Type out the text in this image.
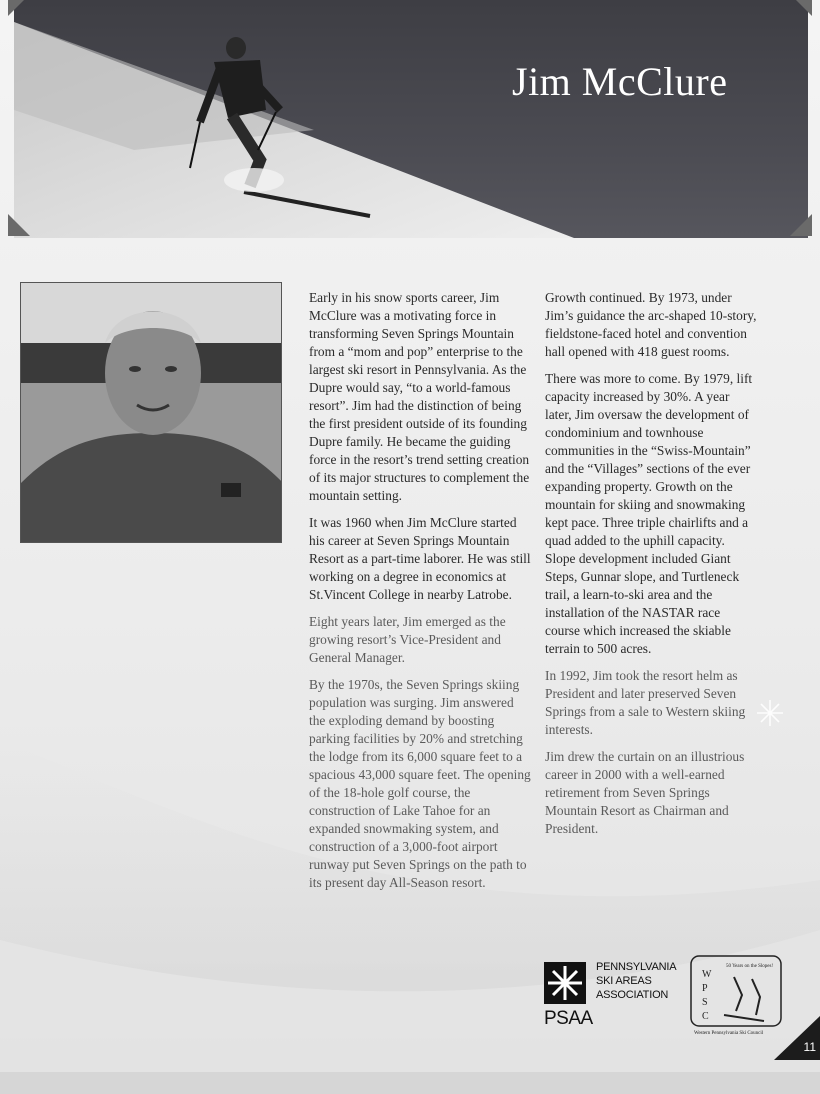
Jim McClure

Early in his snow sports career, Jim McClure was a motivating force in transforming Seven Springs Mountain from a “mom and pop” enterprise to the largest ski resort in Pennsylvania. As the Dupre would say, “to a world-famous resort”. Jim had the distinction of being the first president outside of its founding Dupre family. He became the guiding force in the resort’s trend setting creation of its major structures to complement the mountain setting.

It was 1960 when Jim McClure started his career at Seven Springs Mountain Resort as a part-time laborer. He was still working on a degree in economics at St.Vincent College in nearby Latrobe.

Eight years later, Jim emerged as the growing resort’s Vice-President and General Manager.

By the 1970s, the Seven Springs skiing population was surging. Jim answered the exploding demand by boosting parking facilities by 20% and stretching the lodge from its 6,000 square feet to a spacious 43,000 square feet. The opening of the 18-hole golf course, the construction of Lake Tahoe for an expanded snowmaking system, and construction of a 3,000-foot airport runway put Seven Springs on the path to its present day All-Season resort.

Growth continued. By 1973, under Jim’s guidance the arc-shaped 10-story, fieldstone-faced hotel and convention hall opened with 418 guest rooms.

There was more to come. By 1979, lift capacity increased by 30%. A year later, Jim oversaw the development of condominium and townhouse communities in the “Swiss-Mountain” and the “Villages” sections of the ever expanding property. Growth on the mountain for skiing and snowmaking kept pace. Three triple chairlifts and a quad added to the uphill capacity. Slope development included Giant Steps, Gunnar slope, and Turtleneck trail, a learn-to-ski area and the installation of the NASTAR race course which increased the skiable terrain to 500 acres.

In 1992, Jim took the resort helm as President and later preserved Seven Springs from a sale to Western skiing interests.

Jim drew the curtain on an illustrious career in 2000 with a well-earned retirement from Seven Springs Mountain Resort as Chairman and President.

PENNSYLVANIA
SKI AREAS
ASSOCIATION
PSAA
W
P
S
C
50 Years on the Slopes!
Western Pennsylvania Ski Council
11
